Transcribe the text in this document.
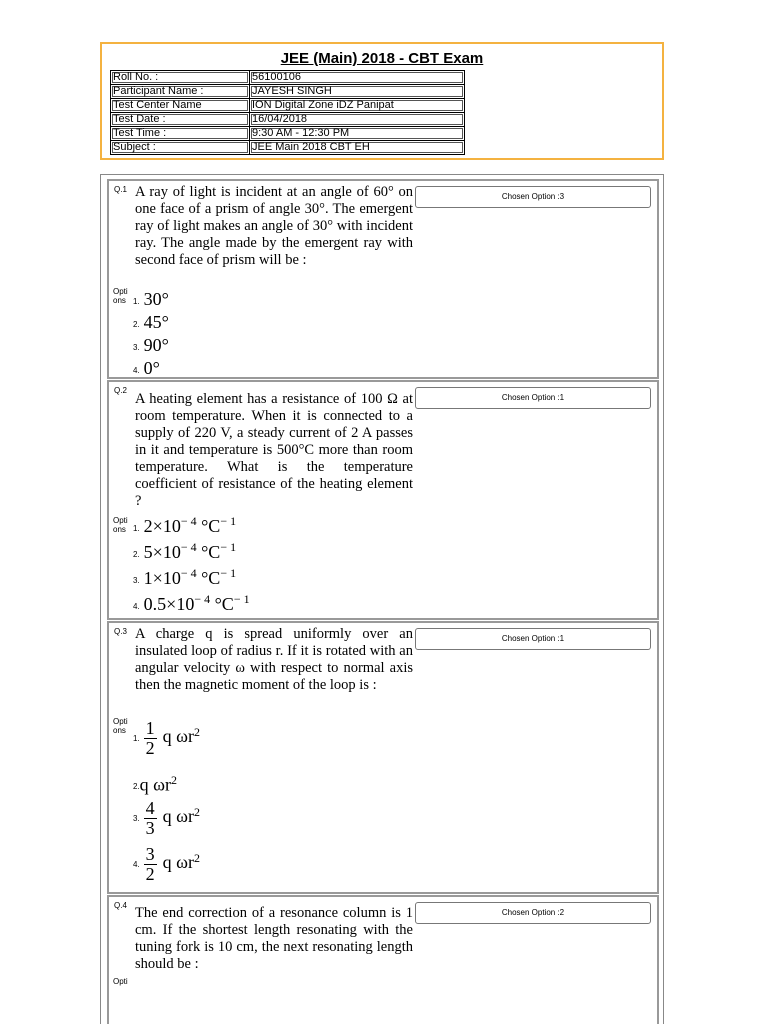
JEE (Main) 2018 - CBT Exam
Roll No. :	56100106
Participant Name :	JAYESH SINGH
Test Center Name	ION Digital Zone iDZ Panipat
Test Date :	16/04/2018
Test Time :	9:30 AM - 12:30 PM
Subject :	JEE Main 2018 CBT EH
Q.1 A ray of light is incident at an angle of 60° on one face of a prism of angle 30°. The emergent ray of light makes an angle of 30° with incident ray. The angle made by the emergent ray with second face of prism will be :
Chosen Option :3
Opti
ons 1. 30°
2. 45°
3. 90°
4. 0°
Q.2
A heating element has a resistance of 100 Ω at room temperature. When it is connected to a supply of 220 V, a steady current of 2 A passes in it and temperature is 500°C more than room temperature. What is the temperature coefficient of resistance of the heating element ?
Chosen Option :1
Opti
ons 1. $2\times 10^{- 4}$ $^\circ C^{- 1}$
2. $5\times 10^{- 4}$ $^\circ C^{- 1}$
3. $1\times 10^{- 4}$ $^\circ C^{- 1}$
4. $0.5\times 10^{- 4}$ $^\circ C^{- 1}$
Q.3 A charge q is spread uniformly over an insulated loop of radius r. If it is rotated with an angular velocity ω with respect to normal axis then the magnetic moment of the loop is :
Chosen Option :1
Opti
ons
1. $\frac{1}{2}$ q $\omega r^2$
2.q $\omega r^2$
3. $\frac{4}{3}$ q $\omega r^2$
4. $\frac{3}{2}$ q $\omega r^2$
Q.4 The end correction of a resonance column is 1 cm. If the shortest length resonating with the tuning fork is 10 cm, the next resonating length should be :
Chosen Option :2
Opti
